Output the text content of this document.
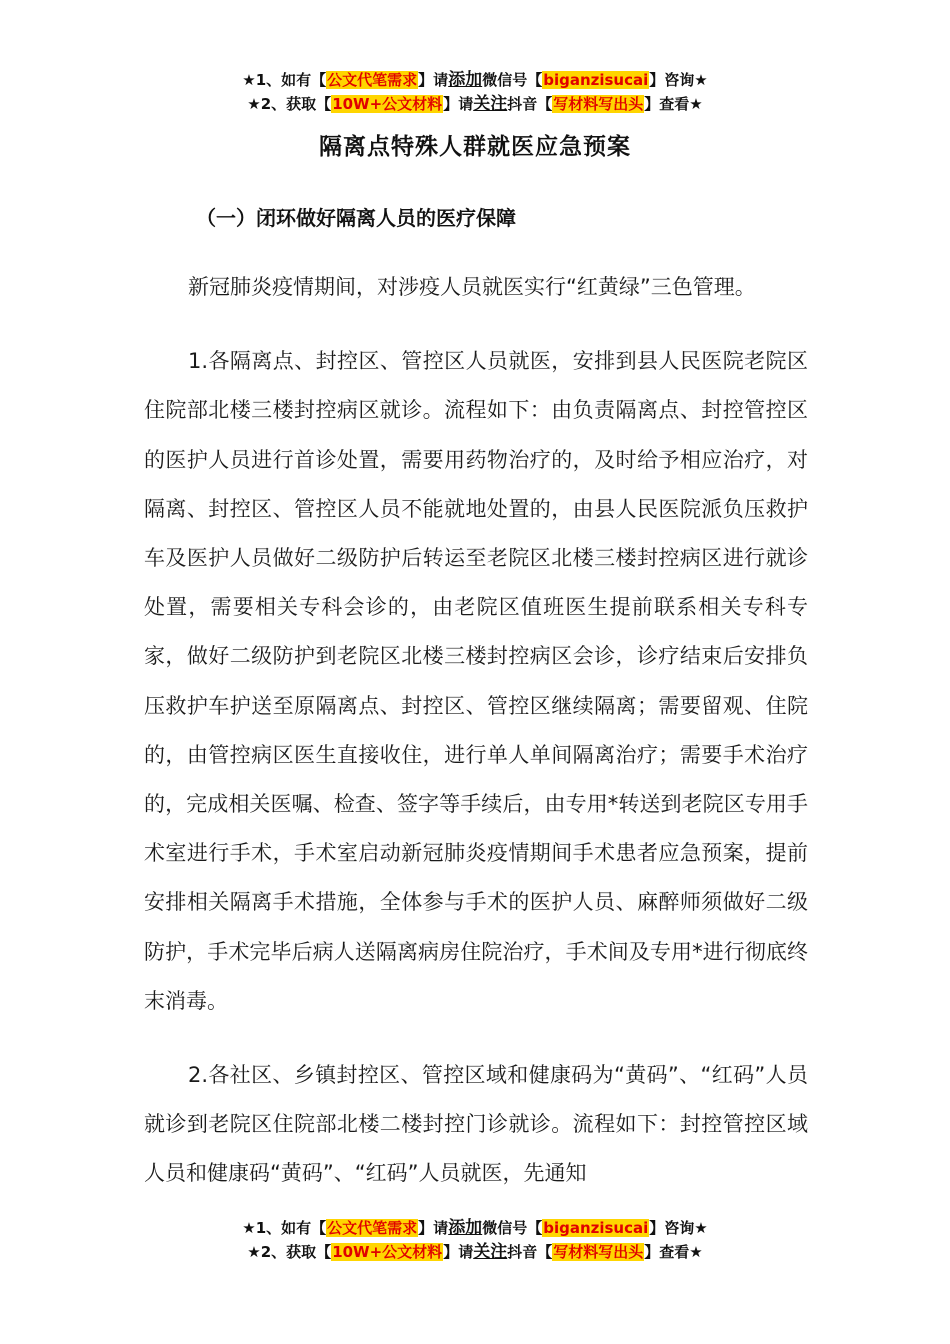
★1、如有【公文代笔需求】请添加微信号【biganzisucai】咨询★
★2、获取【10W+公文材料】请关注抖音【写材料写出头】查看★
隔离点特殊人群就医应急预案
（一）闭环做好隔离人员的医疗保障

新冠肺炎疫情期间，对涉疫人员就医实行“红黄绿”三色管理。

1.各隔离点、封控区、管控区人员就医，安排到县人民医院老院区住院部北楼三楼封控病区就诊。流程如下：由负责隔离点、封控管控区的医护人员进行首诊处置，需要用药物治疗的，及时给予相应治疗，对隔离、封控区、管控区人员不能就地处置的，由县人民医院派负压救护车及医护人员做好二级防护后转运至老院区北楼三楼封控病区进行就诊处置，需要相关专科会诊的，由老院区值班医生提前联系相关专科专家，做好二级防护到老院区北楼三楼封控病区会诊，诊疗结束后安排负压救护车护送至原隔离点、封控区、管控区继续隔离；需要留观、住院的，由管控病区医生直接收住，进行单人单间隔离治疗；需要手术治疗的，完成相关医嘱、检查、签字等手续后，由专用*转送到老院区专用手术室进行手术，手术室启动新冠肺炎疫情期间手术患者应急预案，提前安排相关隔离手术措施，全体参与手术的医护人员、麻醉师须做好二级防护，手术完毕后病人送隔离病房住院治疗，手术间及专用*进行彻底终末消毒。

2.各社区、乡镇封控区、管控区域和健康码为“黄码”、“红码”人员就诊到老院区住院部北楼二楼封控门诊就诊。流程如下：封控管控区域人员和健康码“黄码”、“红码”人员就医，先通知

★1、如有【公文代笔需求】请添加微信号【biganzisucai】咨询★
★2、获取【10W+公文材料】请关注抖音【写材料写出头】查看★
